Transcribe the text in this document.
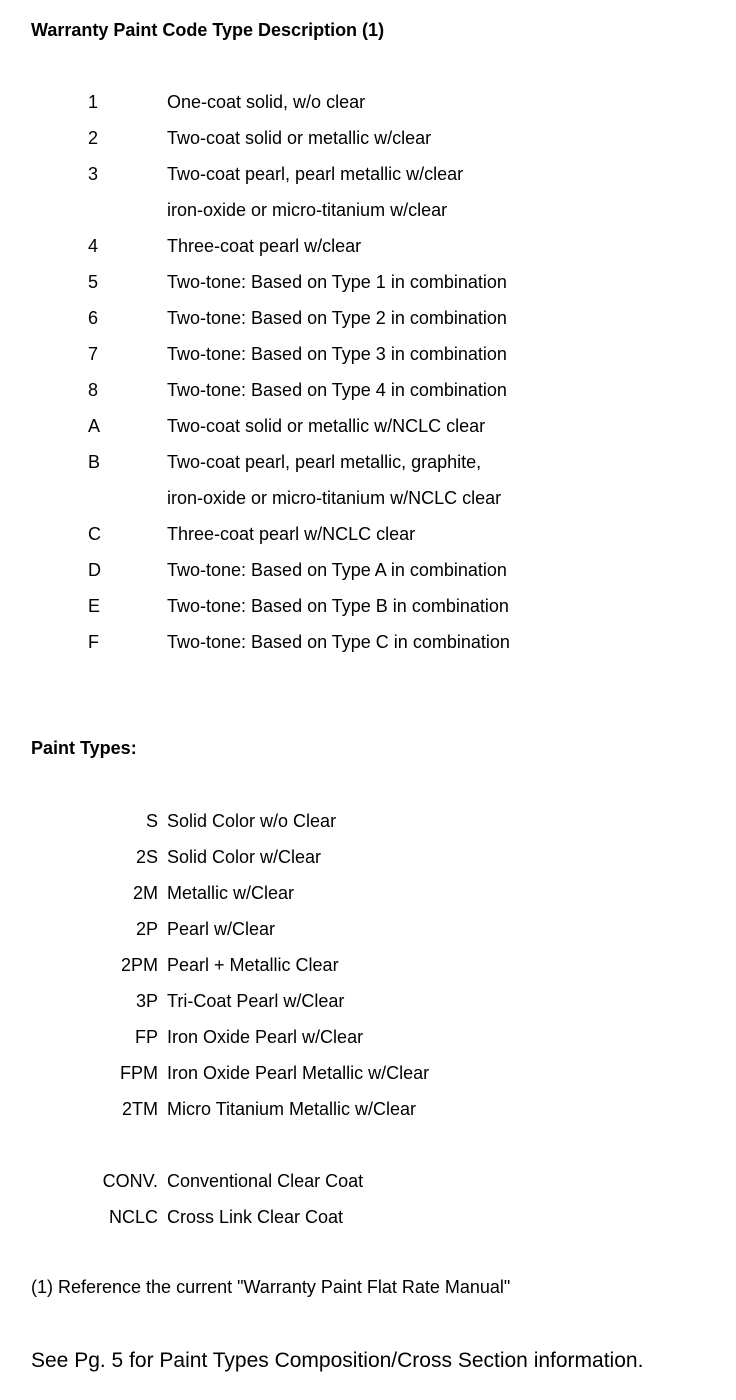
Warranty Paint Code Type Description (1)
1	One-coat solid, w/o clear
2	Two-coat solid or metallic w/clear
3	Two-coat pearl, pearl metallic w/clear
iron-oxide or micro-titanium w/clear
4	Three-coat pearl w/clear
5	Two-tone: Based on Type 1 in combination
6	Two-tone: Based on Type 2 in combination
7	Two-tone: Based on Type 3 in combination
8	Two-tone: Based on Type 4 in combination
A	Two-coat solid or metallic w/NCLC clear
B	Two-coat pearl, pearl metallic, graphite,
iron-oxide or micro-titanium w/NCLC clear
C	Three-coat pearl w/NCLC clear
D	Two-tone: Based on Type A in combination
E	Two-tone: Based on Type B in combination
F	Two-tone: Based on Type C in combination
Paint Types:
S Solid Color w/o Clear
2S Solid Color w/Clear
2M Metallic w/Clear
2P Pearl w/Clear
2PM Pearl + Metallic Clear
3P Tri-Coat Pearl w/Clear
FP Iron Oxide Pearl w/Clear
FPM Iron Oxide Pearl Metallic w/Clear
2TM Micro Titanium Metallic w/Clear
CONV. Conventional Clear Coat
NCLC Cross Link Clear Coat
(1) Reference the current "Warranty Paint Flat Rate Manual"
See Pg. 5 for Paint Types Composition/Cross Section information.
